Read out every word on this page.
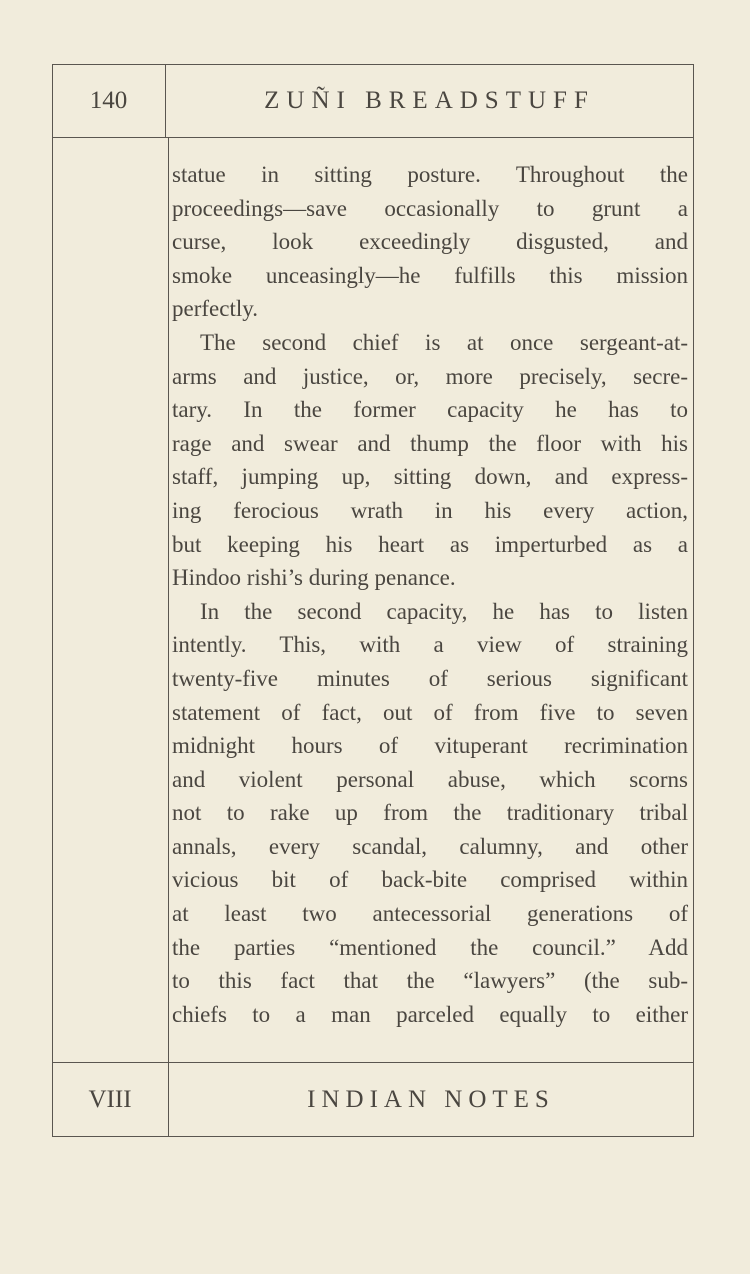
140	ZUÑI BREADSTUFF
statue in sitting posture. Throughout the
proceedings—save occasionally to grunt a
curse, look exceedingly disgusted, and
smoke unceasingly—he fulfills this mission
perfectly.
The second chief is at once sergeant-at-
arms and justice, or, more precisely, secre-
tary. In the former capacity he has to
rage and swear and thump the floor with his
staff, jumping up, sitting down, and express-
ing ferocious wrath in his every action,
but keeping his heart as imperturbed as a
Hindoo rishi’s during penance.
In the second capacity, he has to listen
intently. This, with a view of straining
twenty-five minutes of serious significant
statement of fact, out of from five to seven
midnight hours of vituperant recrimination
and violent personal abuse, which scorns
not to rake up from the traditionary tribal
annals, every scandal, calumny, and other
vicious bit of back-bite comprised within
at least two antecessorial generations of
the parties “mentioned the council.” Add
to this fact that the “lawyers” (the sub-
chiefs to a man parceled equally to either
VIII	INDIAN NOTES
